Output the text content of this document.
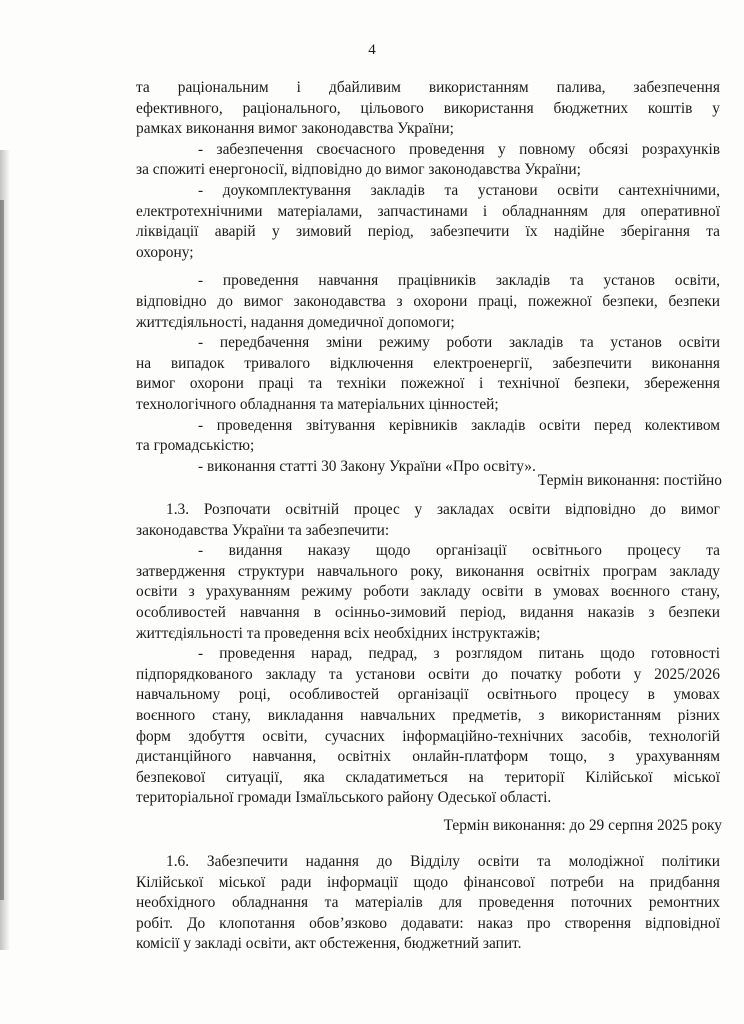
4
та раціональним і дбайливим використанням палива, забезпечення
ефективного, раціонального, цільового використання бюджетних коштів у
рамках виконання вимог законодавства України;
- забезпечення своєчасного проведення у повному обсязі розрахунків
за спожиті енергоносії, відповідно до вимог законодавства України;
- доукомплектування закладів та установи освіти сантехнічними,
електротехнічними матеріалами, запчастинами і обладнанням для оперативної
ліквідації аварій у зимовий період, забезпечити їх надійне зберігання та
охорону;
- проведення навчання працівників закладів та установ освіти,
відповідно до вимог законодавства з охорони праці, пожежної безпеки, безпеки
життєдіяльності, надання домедичної допомоги;
- передбачення зміни режиму роботи закладів та установ освіти
на випадок тривалого відключення електроенергії, забезпечити виконання
вимог охорони праці та техніки пожежної і технічної безпеки, збереження
технологічного обладнання та матеріальних цінностей;
- проведення звітування керівників закладів освіти перед колективом
та громадськістю;
- виконання статті 30 Закону України «Про освіту».
Термін виконання: постійно
1.3. Розпочати освітній процес у закладах освіти відповідно до вимог
законодавства України та забезпечити:
- видання наказу щодо організації освітнього процесу та
затвердження структури навчального року, виконання освітніх програм закладу
освіти з урахуванням режиму роботи закладу освіти в умовах воєнного стану,
особливостей навчання в осінньо-зимовий період, видання наказів з безпеки
життєдіяльності та проведення всіх необхідних інструктажів;
- проведення нарад, педрад, з розглядом питань щодо готовності
підпорядкованого закладу та установи освіти до початку роботи у 2025/2026
навчальному році, особливостей організації освітнього процесу в умовах
воєнного стану, викладання навчальних предметів, з використанням різних
форм здобуття освіти, сучасних інформаційно-технічних засобів, технологій
дистанційного навчання, освітніх онлайн-платформ тощо, з урахуванням
безпекової ситуації, яка складатиметься на території Кілійської міської
територіальної громади Ізмаїльського району Одеської області.
Термін виконання: до 29 серпня 2025 року
1.6. Забезпечити надання до Відділу освіти та молодіжної політики
Кілійської міської ради інформації щодо фінансової потреби на придбання
необхідного обладнання та матеріалів для проведення поточних ремонтних
робіт. До клопотання обов’язково додавати: наказ про створення відповідної
комісії у закладі освіти, акт обстеження, бюджетний запит.
